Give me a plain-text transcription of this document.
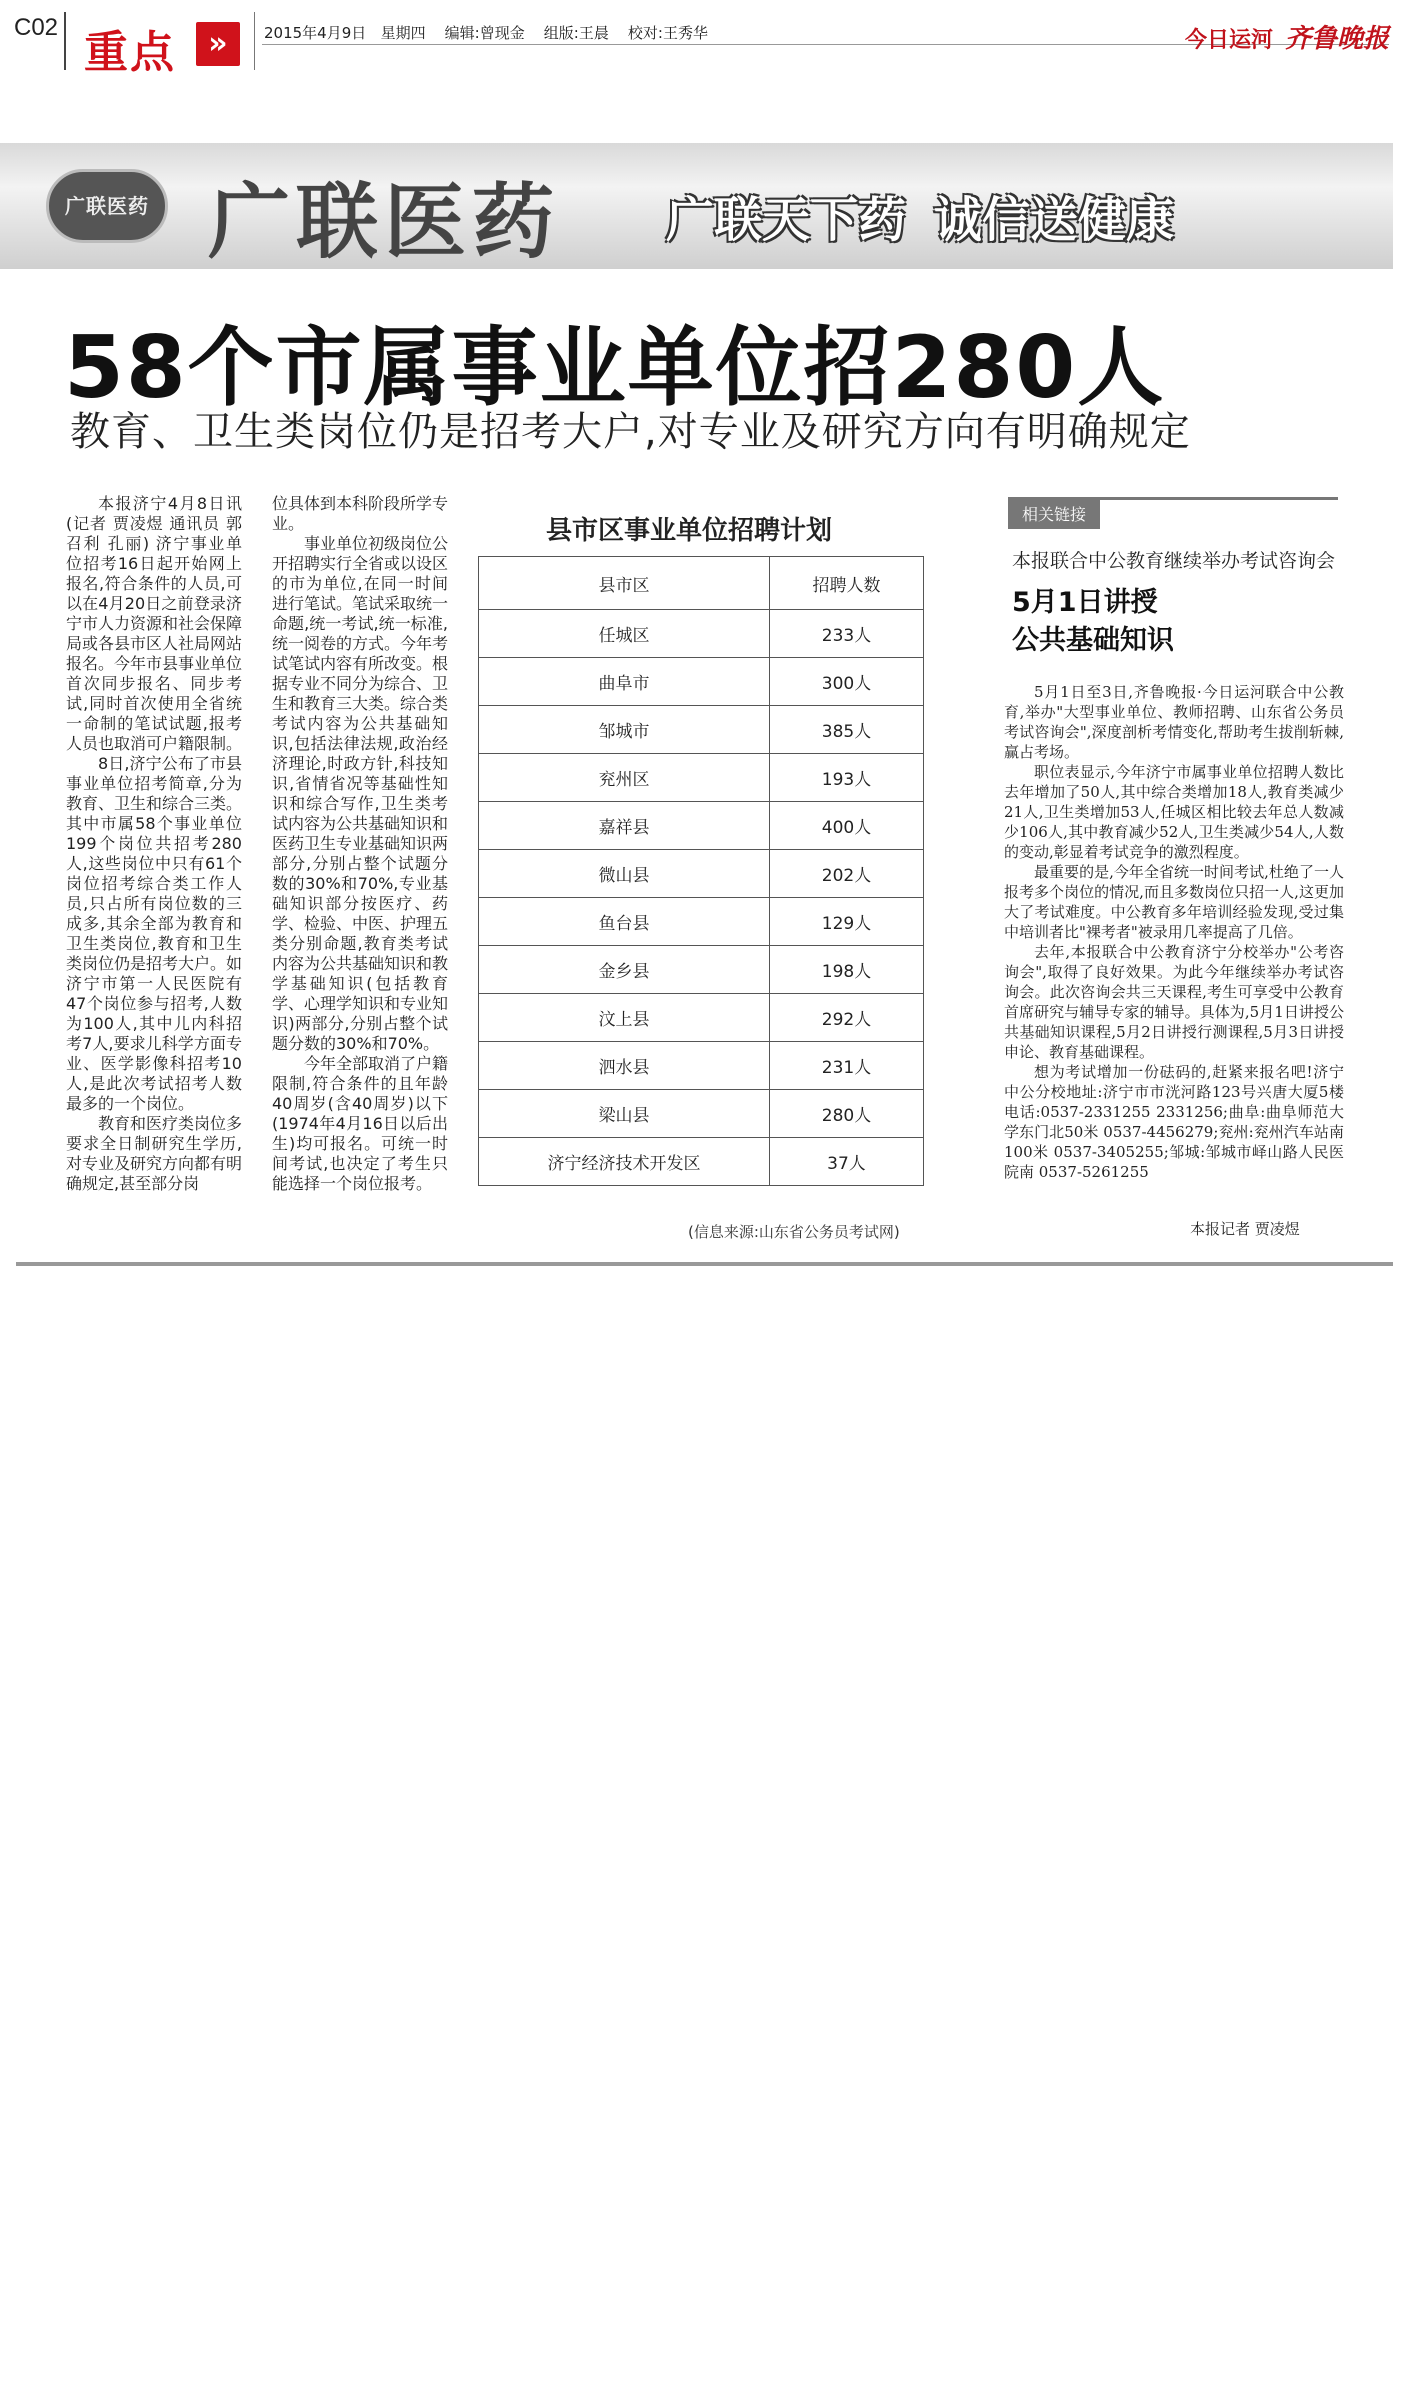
C02 重点	»	2015年4月9日   星期四    编辑:曾现金    组版:王晨    校对:王秀华	今日运河 齐鲁晚报
广联医药 广联医药 广联天下药 诚信送健康
58个市属事业单位招280人
教育、卫生类岗位仍是招考大户,对专业及研究方向有明确规定

本报济宁4月8日讯(记者 贾凌煜 通讯员 郭召利 孔丽) 济宁事业单位招考16日起开始网上报名,符合条件的人员,可以在4月20日之前登录济宁市人力资源和社会保障局或各县市区人社局网站报名。今年市县事业单位首次同步报名、同步考试,同时首次使用全省统一命制的笔试试题,报考人员也取消可户籍限制。

8日,济宁公布了市县事业单位招考简章,分为教育、卫生和综合三类。其中市属58个事业单位199个岗位共招考280人,这些岗位中只有61个岗位招考综合类工作人员,只占所有岗位数的三成多,其余全部为教育和卫生类岗位,教育和卫生类岗位仍是招考大户。如济宁市第一人民医院有47个岗位参与招考,人数为100人,其中儿内科招考7人,要求儿科学方面专业、医学影像科招考10人,是此次考试招考人数最多的一个岗位。

教育和医疗类岗位多要求全日制研究生学历,对专业及研究方向都有明确规定,甚至部分岗

位具体到本科阶段所学专业。

事业单位初级岗位公开招聘实行全省或以设区的市为单位,在同一时间进行笔试。笔试采取统一命题,统一考试,统一标准,统一阅卷的方式。今年考试笔试内容有所改变。根据专业不同分为综合、卫生和教育三大类。综合类考试内容为公共基础知识,包括法律法规,政治经济理论,时政方针,科技知识,省情省况等基础性知识和综合写作,卫生类考试内容为公共基础知识和医药卫生专业基础知识两部分,分别占整个试题分数的30%和70%,专业基础知识部分按医疗、药学、检验、中医、护理五类分别命题,教育类考试内容为公共基础知识和教学基础知识(包括教育学、心理学知识和专业知识)两部分,分别占整个试题分数的30%和70%。

今年全部取消了户籍限制,符合条件的且年龄40周岁(含40周岁)以下(1974年4月16日以后出生)均可报名。可统一时间考试,也决定了考生只能选择一个岗位报考。

县市区事业单位招聘计划
县市区	招聘人数
任城区	233人
曲阜市	300人
邹城市	385人
兖州区	193人
嘉祥县	400人
微山县	202人
鱼台县	129人
金乡县	198人
汶上县	292人
泗水县	231人
梁山县	280人
济宁经济技术开发区	37人
(信息来源:山东省公务员考试网)
相关链接
本报联合中公教育继续举办考试咨询会
5月1日讲授
公共基础知识

5月1日至3日,齐鲁晚报·今日运河联合中公教育,举办"大型事业单位、教师招聘、山东省公务员考试咨询会",深度剖析考情变化,帮助考生拔削斩棘,赢占考场。

职位表显示,今年济宁市属事业单位招聘人数比去年增加了50人,其中综合类增加18人,教育类减少21人,卫生类增加53人,任城区相比较去年总人数减少106人,其中教育减少52人,卫生类减少54人,人数的变动,彰显着考试竞争的激烈程度。

最重要的是,今年全省统一时间考试,杜绝了一人报考多个岗位的情况,而且多数岗位只招一人,这更加大了考试难度。中公教育多年培训经验发现,受过集中培训者比"裸考者"被录用几率提高了几倍。

去年,本报联合中公教育济宁分校举办"公考咨询会",取得了良好效果。为此今年继续举办考试咨询会。此次咨询会共三天课程,考生可享受中公教育首席研究与辅导专家的辅导。具体为,5月1日讲授公共基础知识课程,5月2日讲授行测课程,5月3日讲授申论、教育基础课程。

想为考试增加一份砝码的,赶紧来报名吧!济宁中公分校地址:济宁市市洸河路123号兴唐大厦5楼 电话:0537-2331255 2331256;曲阜:曲阜师范大学东门北50米 0537-4456279;兖州:兖州汽车站南100米 0537-3405255;邹城:邹城市峄山路人民医院南 0537-5261255

本报记者 贾凌煜
